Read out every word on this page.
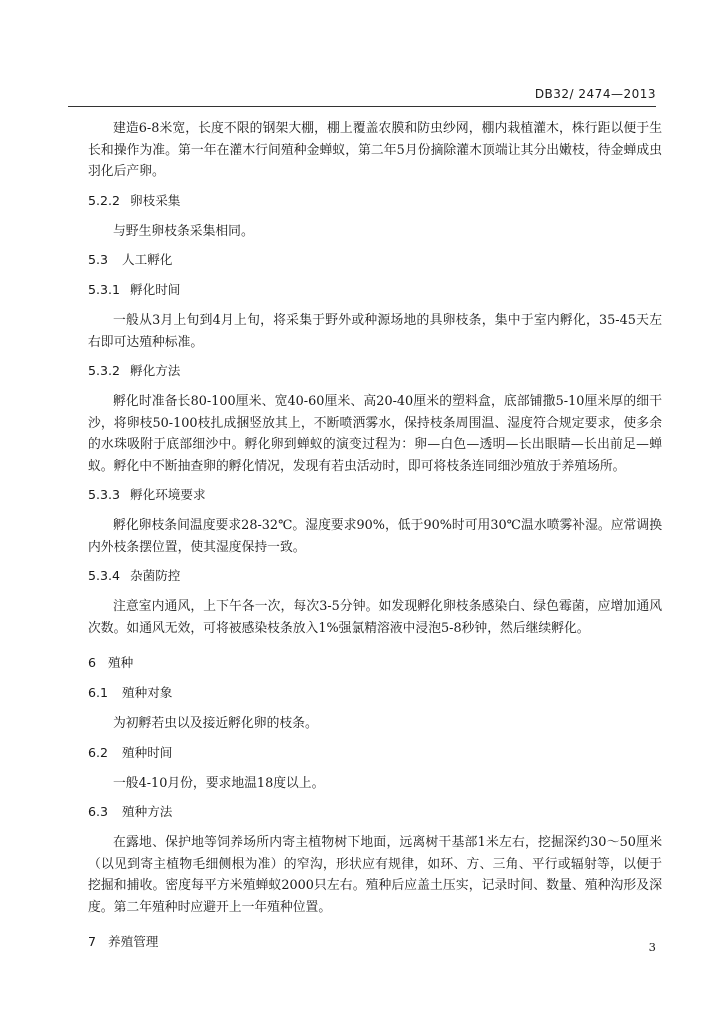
DB32/ 2474—2013

建造6-8米宽，长度不限的钢架大棚，棚上覆盖农膜和防虫纱网，棚内栽植灌木，株行距以便于生长和操作为准。第一年在灌木行间殖种金蝉蚁，第二年5月份摘除灌木顶端让其分出嫩枝，待金蝉成虫羽化后产卵。

5.2.2 卵枝采集

与野生卵枝条采集相同。

5.3 人工孵化
5.3.1 孵化时间

一般从3月上旬到4月上旬，将采集于野外或种源场地的具卵枝条，集中于室内孵化，35-45天左右即可达殖种标准。

5.3.2 孵化方法

孵化时准备长80-100厘米、宽40-60厘米、高20-40厘米的塑料盒，底部铺撒5-10厘米厚的细干沙，将卵枝50-100枝扎成捆竖放其上，不断喷洒雾水，保持枝条周围温、湿度符合规定要求，使多余的水珠吸附于底部细沙中。孵化卵到蝉蚁的演变过程为：卵—白色—透明—长出眼睛—长出前足—蝉蚁。孵化中不断抽查卵的孵化情况，发现有若虫活动时，即可将枝条连同细沙殖放于养殖场所。

5.3.3 孵化环境要求

孵化卵枝条间温度要求28-32℃。湿度要求90%，低于90%时可用30℃温水喷雾补湿。应常调换内外枝条摆位置，使其湿度保持一致。

5.3.4 杂菌防控

注意室内通风，上下午各一次，每次3-5分钟。如发现孵化卵枝条感染白、绿色霉菌，应增加通风次数。如通风无效，可将被感染枝条放入1%强氯精溶液中浸泡5-8秒钟，然后继续孵化。

6 殖种
6.1 殖种对象

为初孵若虫以及接近孵化卵的枝条。

6.2 殖种时间

一般4-10月份，要求地温18度以上。

6.3 殖种方法

在露地、保护地等饲养场所内寄主植物树下地面，远离树干基部1米左右，挖掘深约30～50厘米（以见到寄主植物毛细侧根为准）的窄沟，形状应有规律，如环、方、三角、平行或辐射等，以便于挖掘和捕收。密度每平方米殖蝉蚁2000只左右。殖种后应盖土压实，记录时间、数量、殖种沟形及深度。第二年殖种时应避开上一年殖种位置。

7 养殖管理	3
